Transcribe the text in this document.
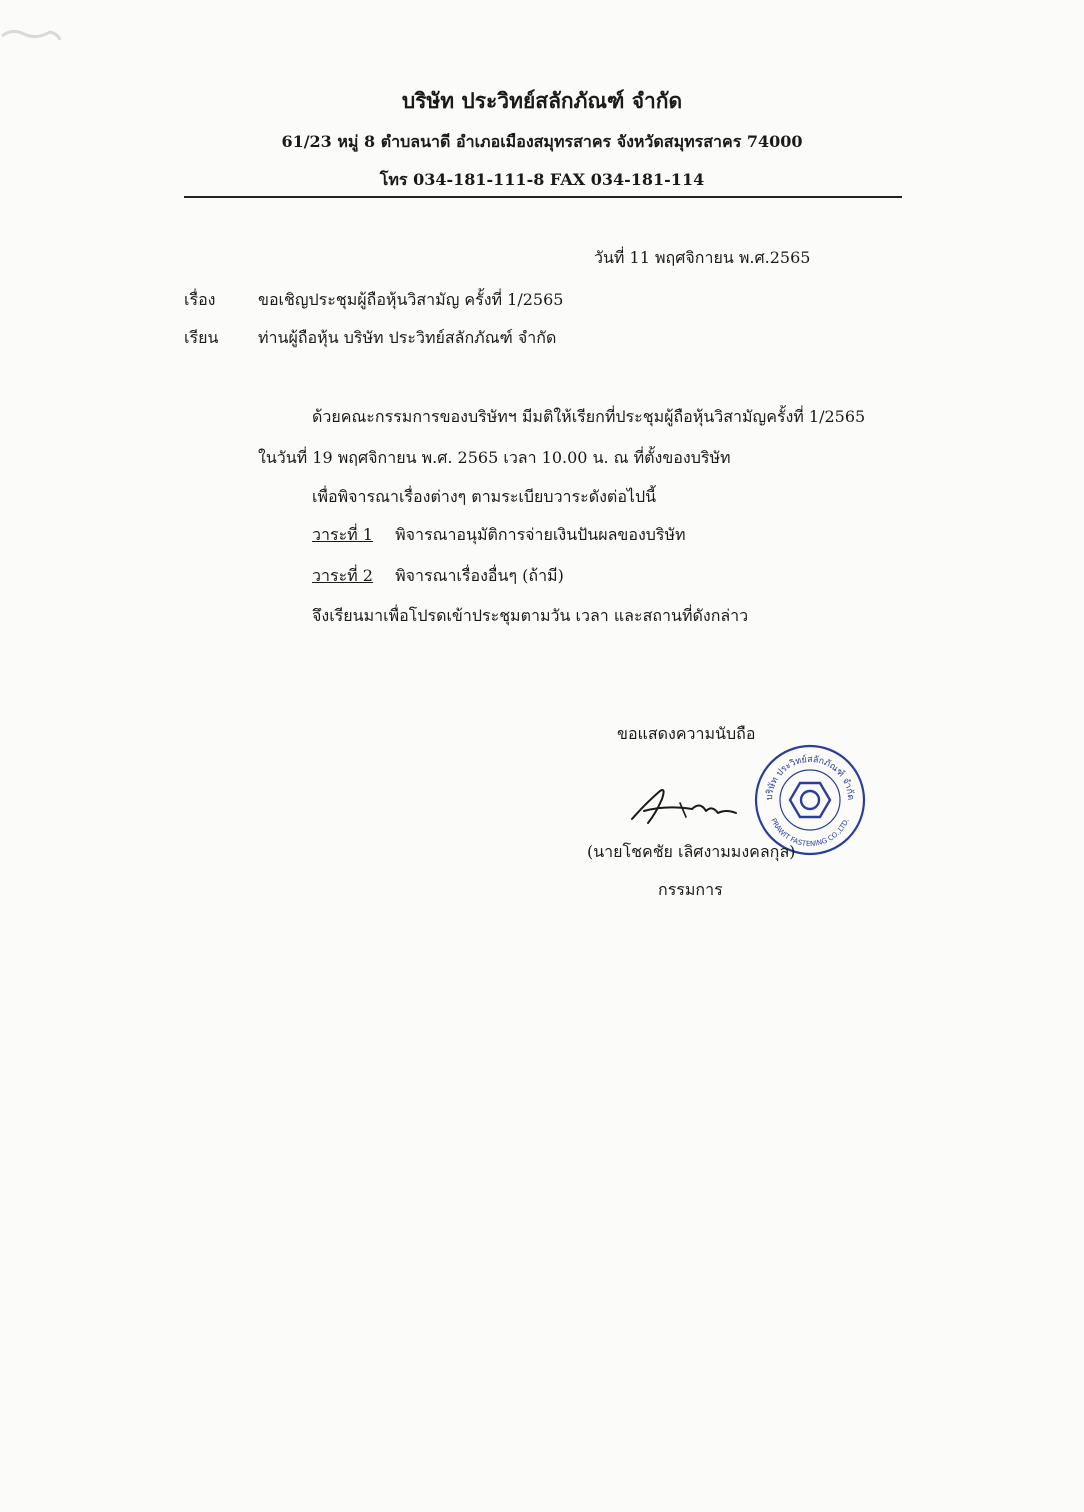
บริษัท ประวิทย์สลักภัณฑ์ จำกัด
61/23 หมู่ 8 ตำบลนาดี อำเภอเมืองสมุทรสาคร จังหวัดสมุทรสาคร 74000
โทร 034-181-111-8 FAX 034-181-114
วันที่ 11 พฤศจิกายน พ.ศ.2565
เรื่อง	ขอเชิญประชุมผู้ถือหุ้นวิสามัญ ครั้งที่ 1/2565
เรียน ท่านผู้ถือหุ้น บริษัท ประวิทย์สลักภัณฑ์ จำกัด
ด้วยคณะกรรมการของบริษัทฯ มีมติให้เรียกที่ประชุมผู้ถือหุ้นวิสามัญครั้งที่ 1/2565
ในวันที่ 19 พฤศจิกายน พ.ศ. 2565 เวลา 10.00 น. ณ ที่ตั้งของบริษัท
เพื่อพิจารณาเรื่องต่างๆ ตามระเบียบวาระดังต่อไปนี้
วาระที่ 1 พิจารณาอนุมัติการจ่ายเงินปันผลของบริษัท
วาระที่ 2 พิจารณาเรื่องอื่นๆ (ถ้ามี)
จึงเรียนมาเพื่อโปรดเข้าประชุมตามวัน เวลา และสถานที่ดังกล่าว
ขอแสดงความนับถือ
บริษัท ประวิทย์สลักภัณฑ์ จำกัด
PRAWIT FASTENING CO.,LTD.
(นายโชคชัย เลิศงามมงคลกุล)
กรรมการ
